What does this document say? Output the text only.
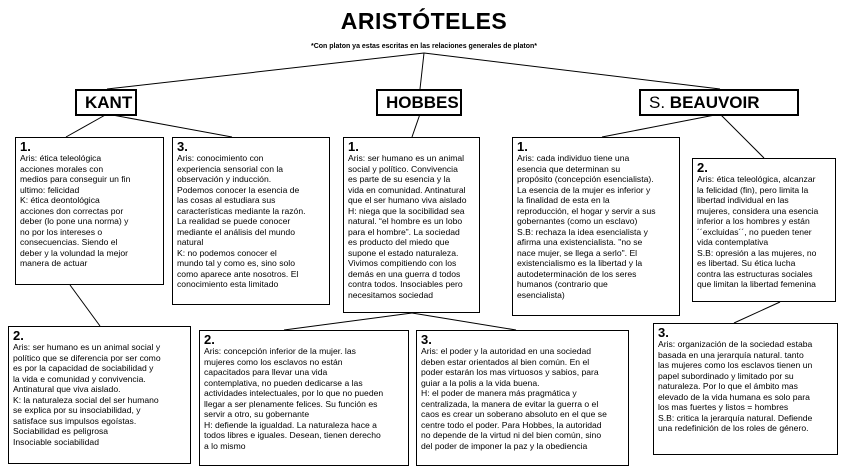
ARISTÓTELES
*Con platon ya estas escritas en las relaciones generales de platon*
KANT	HOBBES	S. BEAUVOIR
1.
Aris: ética teleológica
acciones morales con
medios para conseguir un fin
ultimo: felicidad
K: ética deontológica
acciones don correctas por
deber (lo pone una norma) y
no por los intereses o
consecuencias. Siendo el
deber y la volundad la mejor
manera de actuar
3.
Aris: conocimiento con
experiencia sensorial con la
observación y inducción.
Podemos conocer la esencia de
las cosas al estudiara sus
características mediante la razón.
La realidad se puede conocer
mediante el análisis del mundo
natural
K: no podemos conocer el
mundo tal y como es, sino solo
como aparece ante nosotros. El
conocimiento esta limitado
2.
Aris: ser humano es un animal social y
político que se diferencia por ser como
es por la capacidad de sociabilidad y
la vida e comunidad y convivencia.
Antinatural que viva aislado.
K: la naturaleza social del ser humano
se explica por su insociabilidad, y
satisface sus impulsos egoístas.
Sociabilidad es peligrosa
Insociable sociabilidad
1.
Aris: ser humano es un animal
social y político. Convivencia
es parte de su esencia y la
vida en comunidad. Antinatural
que el ser humano viva aislado
H: niega que la socibilidad sea
natural. “el hombre es un lobo
para el hombre”. La sociedad
es producto del miedo que
supone el estado naturaleza.
Vivimos compitiendo con los
demás en una guerra d todos
contra todos. Insociables pero
necesitamos sociedad
2.
Aris: concepción inferior de la mujer. las
mujeres como los esclavos no están
capacitados para llevar una vida
contemplativa, no pueden dedicarse a las
actividades intelectuales, por lo que no pueden
llegar a ser plenamente felices. Su función es
servir a otro, su gobernante
H: defiende la igualdad. La naturaleza hace a
todos libres e iguales. Desean, tienen derecho
a lo mismo
3.
Aris: el poder y la autoridad en una sociedad
deben estar orientados al bien común. En el
poder estarán los mas virtuosos y sabios, para
guiar a la polis a la vida buena.
H: el poder de manera más pragmática y
centralizada, la manera de evitar la guerra o el
caos es crear un soberano absoluto en el que se
centre todo el poder. Para Hobbes, la autoridad
no depende de la virtud ni del bien común, sino
del poder de imponer la paz y la obediencia
1.
Aris: cada individuo tiene una
esencia que determinan su
propósito (concepción esencialista).
La esencia de la mujer es inferior y
la finalidad de esta en la
reproducción, el hogar y servir a sus
gobernantes (como un esclavo)
S.B: rechaza la idea esencialista y
afirma una existencialista. "no se
nace mujer, se llega a serlo". El
existencialismo es la libertad y la
autodeterminación de los seres
humanos (contrario que
esencialista)
2.
Aris: ética teleológica, alcanzar
la felicidad (fin), pero limita la
libertad individual en las
mujeres, considera una esencia
inferior a los hombres y están
´´excluidas´´, no pueden tener
vida contemplativa
S.B: opresión a las mujeres, no
es libertad. Su ética lucha
contra las estructuras sociales
que limitan la libertad femenina
3.
Aris: organización de la sociedad estaba
basada en una jerarquía natural. tanto
las mujeres como los esclavos tienen un
papel subordinado y limitado por su
naturaleza. Por lo que el ámbito mas
elevado de la vida humana es solo para
los mas fuertes y listos = hombres
S.B: critica la jerarquía natural. Defiende
una redefinición de los roles de género.
